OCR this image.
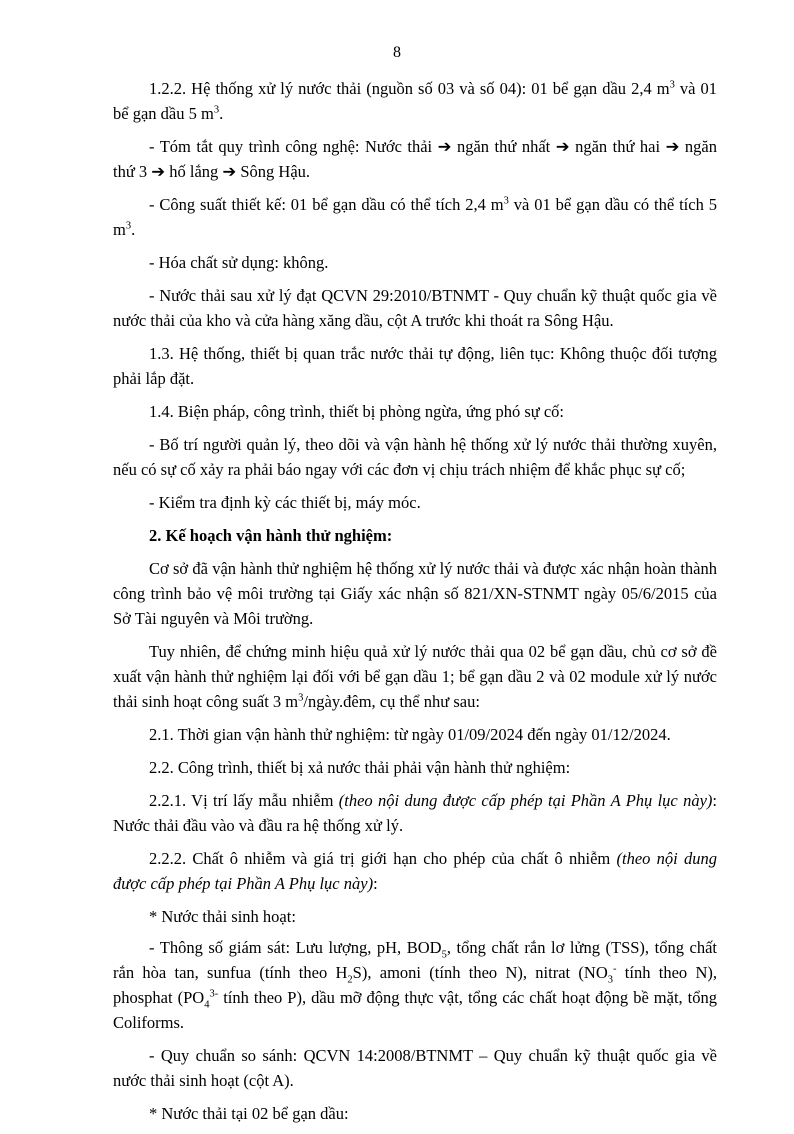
8

1.2.2. Hệ thống xử lý nước thải (nguồn số 03 và số 04): 01 bể gạn dầu 2,4 $m^3$ và 01 bể gạn dầu 5 $m^3$.

- Tóm tắt quy trình công nghệ: Nước thải ➔ ngăn thứ nhất ➔ ngăn thứ hai ➔ ngăn thứ 3 ➔ hố lắng ➔ Sông Hậu.

- Công suất thiết kế: 01 bể gạn dầu có thể tích 2,4 $m^3$ và 01 bể gạn dầu có thể tích 5 $m^3$.

- Hóa chất sử dụng: không.

- Nước thải sau xử lý đạt QCVN 29:2010/BTNMT - Quy chuẩn kỹ thuật quốc gia về nước thải của kho và cửa hàng xăng dầu, cột A trước khi thoát ra Sông Hậu.

1.3. Hệ thống, thiết bị quan trắc nước thải tự động, liên tục: Không thuộc đối tượng phải lắp đặt.

1.4. Biện pháp, công trình, thiết bị phòng ngừa, ứng phó sự cố:

- Bố trí người quản lý, theo dõi và vận hành hệ thống xử lý nước thải thường xuyên, nếu có sự cố xảy ra phải báo ngay với các đơn vị chịu trách nhiệm để khắc phục sự cố;

- Kiểm tra định kỳ các thiết bị, máy móc.

2. Kế hoạch vận hành thử nghiệm:

Cơ sở đã vận hành thử nghiệm hệ thống xử lý nước thải và được xác nhận hoàn thành công trình bảo vệ môi trường tại Giấy xác nhận số 821/XN-STNMT ngày 05/6/2015 của Sở Tài nguyên và Môi trường.

Tuy nhiên, để chứng minh hiệu quả xử lý nước thải qua 02 bể gạn dầu, chủ cơ sở đề xuất vận hành thử nghiệm lại đối với bể gạn dầu 1; bể gạn dầu 2 và 02 module xử lý nước thải sinh hoạt công suất 3 $m^3/ngày.đêm$, cụ thể như sau:

2.1. Thời gian vận hành thử nghiệm: từ ngày 01/09/2024 đến ngày 01/12/2024.

2.2. Công trình, thiết bị xả nước thải phải vận hành thử nghiệm:

2.2.1. Vị trí lấy mẫu nhiễm (theo nội dung được cấp phép tại Phần A Phụ lục này): Nước thải đầu vào và đầu ra hệ thống xử lý.

2.2.2. Chất ô nhiễm và giá trị giới hạn cho phép của chất ô nhiễm (theo nội dung được cấp phép tại Phần A Phụ lục này):

* Nước thải sinh hoạt:

- Thông số giám sát: Lưu lượng, pH, $BOD_5$, tổng chất rắn lơ lửng (TSS), tổng chất rắn hòa tan, sunfua (tính theo $H_2S$), amoni (tính theo N), nitrat ($NO_3^-$ tính theo N), phosphat ($PO_4^{3-}$ tính theo P), dầu mỡ động thực vật, tổng các chất hoạt động bề mặt, tổng Coliforms.

- Quy chuẩn so sánh: QCVN 14:2008/BTNMT – Quy chuẩn kỹ thuật quốc gia về nước thải sinh hoạt (cột A).

* Nước thải tại 02 bể gạn dầu:
